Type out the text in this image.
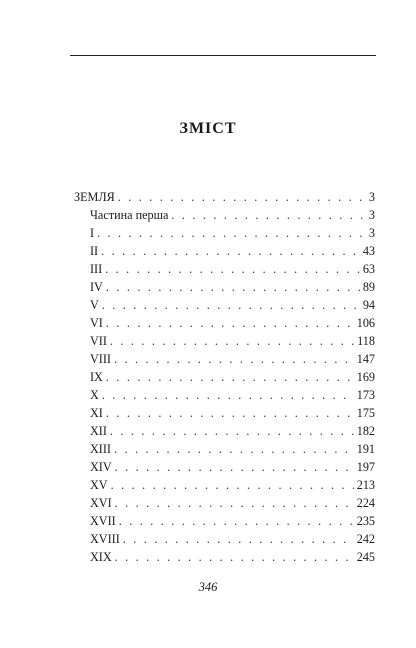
ЗМІСТ
ЗЕМЛЯ . . .	3
Частина перша . . .	3
I . . .	3
II . . .	43
III . . .	63
IV . . .	89
V . . .	94
VI . . .	106
VII . . .	118
VIII . . .	147
IX . . .	169
X . . .	173
XI . . .	175
XII . . .	182
XIII . . .	191
XIV . . .	197
XV . . .	213
XVI . . .	224
XVII . . .	235
XVIII . . .	242
XIX . . .	245
346
